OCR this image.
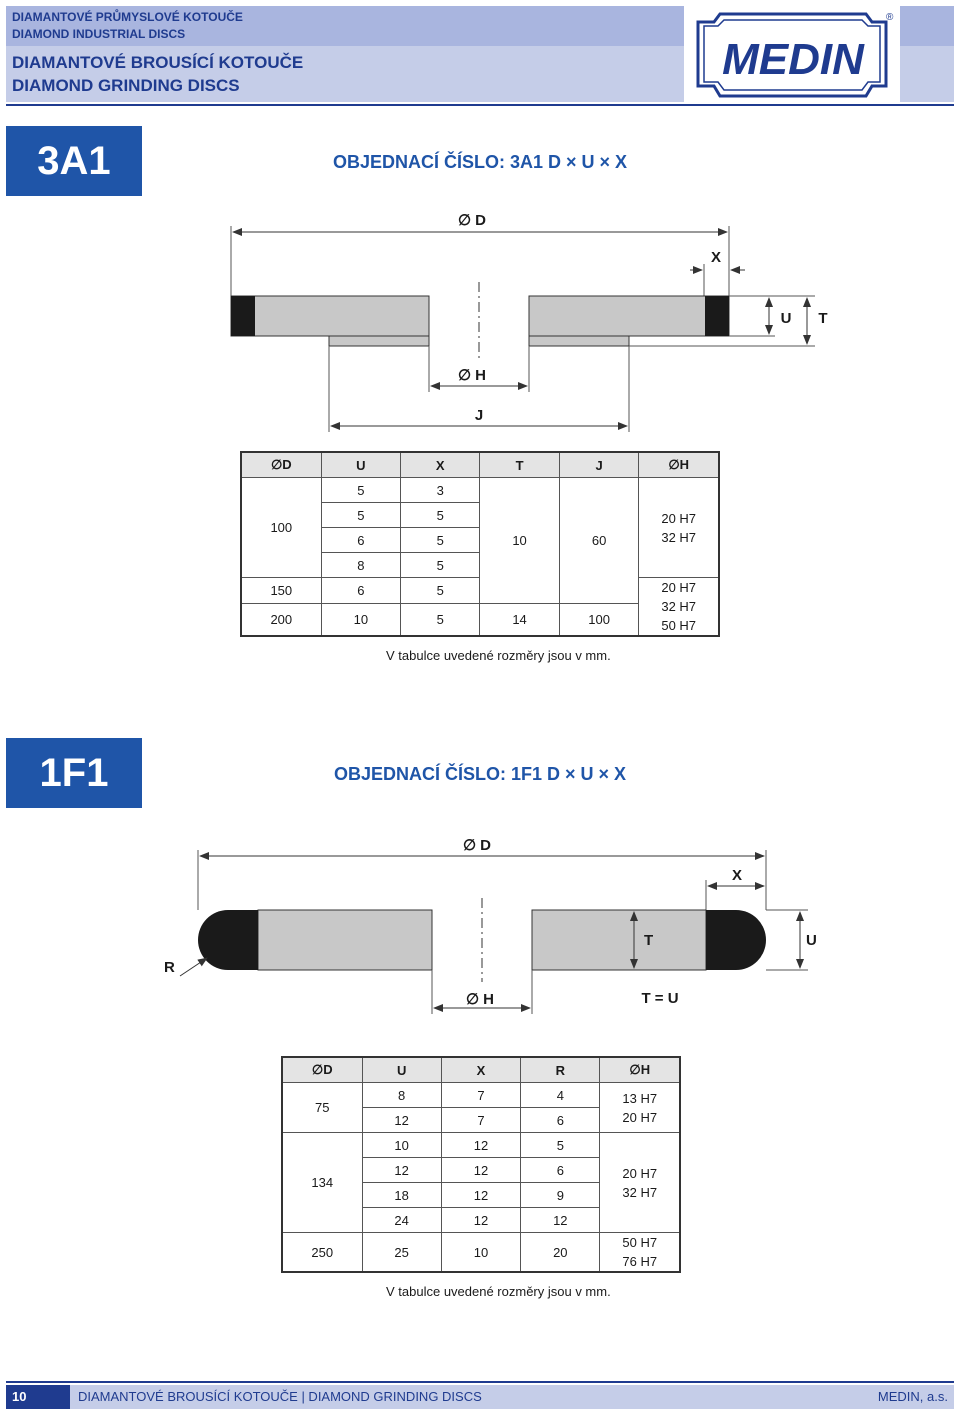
DIAMANTOVÉ PRŮMYSLOVÉ KOTOUČE
DIAMOND INDUSTRIAL DISCS
DIAMANTOVÉ BROUSÍCÍ KOTOUČE
DIAMOND GRINDING DISCS
MEDIN
®
3A1	OBJEDNACÍ ČÍSLO: 3A1 D × U × X
∅ D
X
U T
∅ H
J
∅D	U	X	T	J	∅H
100	5	3	10	60	20 H7
32 H7

	5	5			
	6	5			
	8	5			
150	6	5			20 H7
32 H7
50 H7

200	10	5	14	100	
V tabulce uvedené rozměry jsou v mm.
1F1	OBJEDNACÍ ČÍSLO: 1F1 D × U × X
∅ D
X
T	U
R
∅ H	T = U
∅D	U	X	R	∅H
75	8	7	4	13 H7
20 H7

	12	7	6	
134	10	12	5	20 H7
32 H7

	12	12	6	
	18	12	9	
	24	12	12	
250	25	10	20	50 H7
76 H7
V tabulce uvedené rozměry jsou v mm.
10	DIAMANTOVÉ BROUSÍCÍ KOTOUČE | DIAMOND GRINDING DISCS	MEDIN, a.s.
